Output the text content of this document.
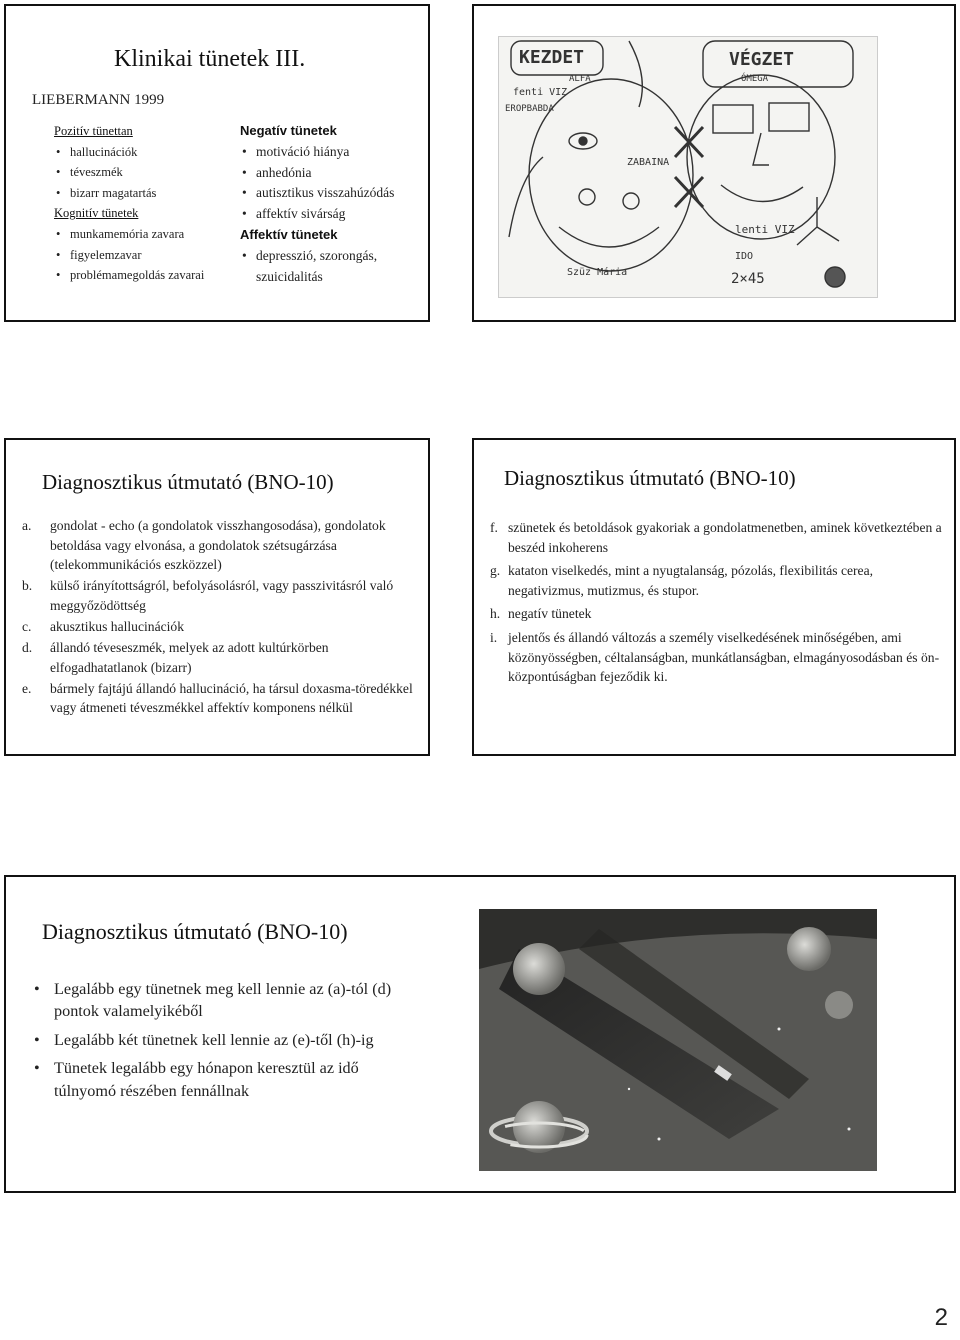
Klinikai tünetek III.
LIEBERMANN 1999
Pozitív tünettan
• hallucinációk
• téveszmék
• bizarr magatartás
Kognitív tünetek
• munkamemória zavara
• figyelemzavar
• problémamegoldás zavarai
Negatív tünetek
• motiváció hiánya
• anhedónia
• autisztikus visszahúzódás
• affektív sivárság
Affektív tünetek
• depresszió, szorongás, szuicidalitás
KEZDET
ALFA
VÉGZET
ÓMEGA
fenti VIZ
EROPBABDA
ZABAINA
lenti VIZ
IDO
2×45
Szüz Mária
Diagnosztikus útmutató (BNO-10)
a. gondolat - echo (a gondolatok visszhangosodása), gondolatok betoldása vagy elvonása, a gondolatok szétsugárzása (telekommunikációs eszközzel)
b. külső irányítottságról, befolyásolásról, vagy passzivitásról való meggyőzödöttség
c. akusztikus hallucinációk
d. állandó téveseszmék, melyek az adott kultúrkörben elfogadhatatlanok (bizarr)
e. bármely fajtájú állandó hallucináció, ha társul doxasma-töredékkel vagy átmeneti téveszmékkel affektív komponens nélkül
Diagnosztikus útmutató (BNO-10)
f. szünetek és betoldások gyakoriak a gondolatmenetben, aminek következtében a beszéd inkoherens
g. kataton viselkedés, mint a nyugtalanság, pózolás, flexibilitás cerea, negativizmus, mutizmus, és stupor.
h. negatív tünetek
i. jelentős és állandó változás a személy viselkedésének minőségében, ami közönyösségben, céltalanságban, munkátlanságban, elmagányosodásban és ön-központúságban fejeződik ki.
Diagnosztikus útmutató (BNO-10)
• Legalább egy tünetnek meg kell lennie az (a)-tól (d) pontok valamelyikéből
• Legalább két tünetnek kell lennie az (e)-től (h)-ig
• Tünetek legalább egy hónapon keresztül az idő túlnyomó részében fennállnak
2
